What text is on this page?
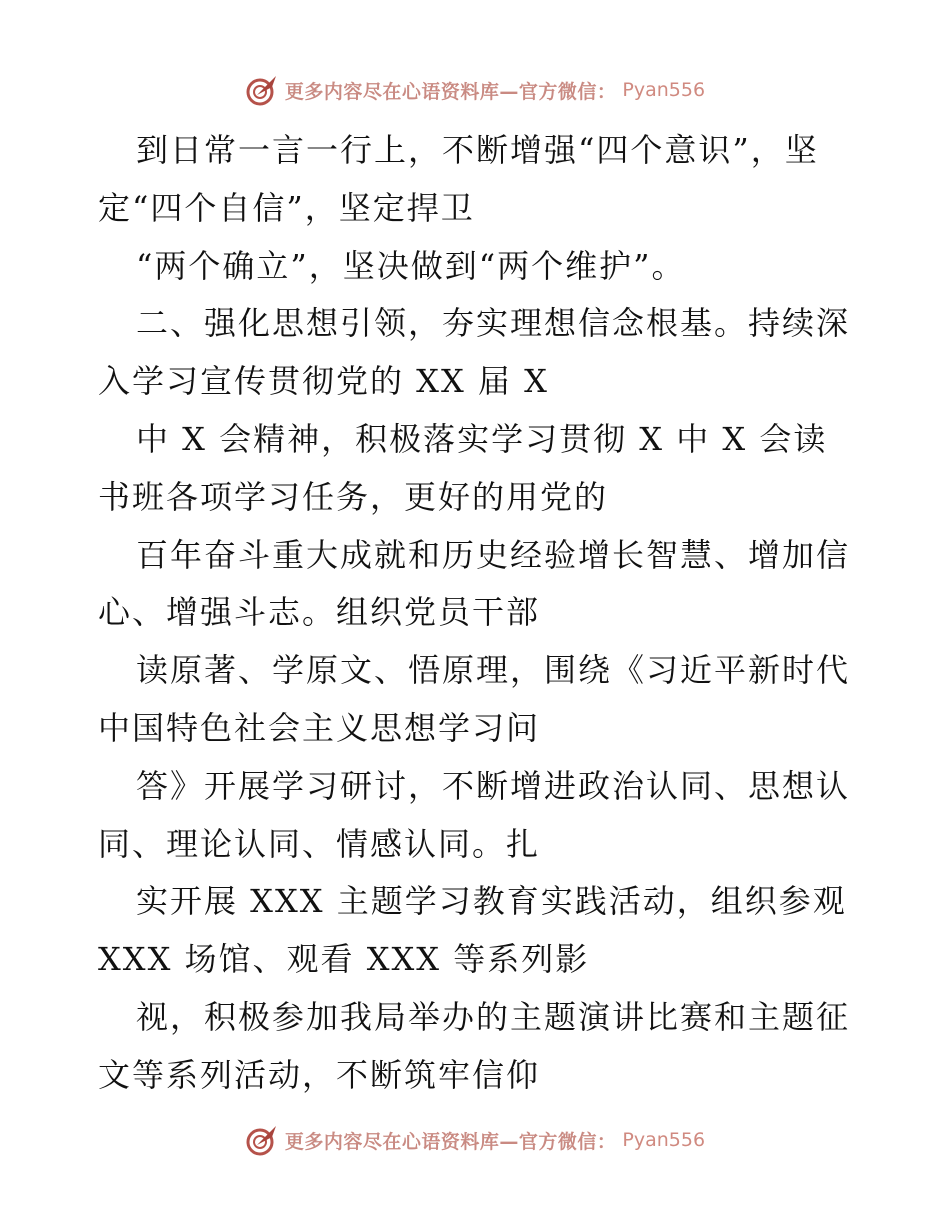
更多内容尽在心语资料库—官方微信： Pyan556
到日常一言一行上，不断增强“四个意识”，坚
定“四个自信”，坚定捍卫
“两个确立”，坚决做到“两个维护”。
二、强化思想引领，夯实理想信念根基。持续深
入学习宣传贯彻党的 XX 届 X
中 X 会精神，积极落实学习贯彻 X 中 X 会读
书班各项学习任务，更好的用党的
百年奋斗重大成就和历史经验增长智慧、增加信
心、增强斗志。组织党员干部
读原著、学原文、悟原理，围绕《习近平新时代
中国特色社会主义思想学习问
答》开展学习研讨，不断增进政治认同、思想认
同、理论认同、情感认同。扎
实开展 XXX 主题学习教育实践活动，组织参观
XXX 场馆、观看 XXX 等系列影
视，积极参加我局举办的主题演讲比赛和主题征
文等系列活动，不断筑牢信仰
更多内容尽在心语资料库—官方微信： Pyan556
